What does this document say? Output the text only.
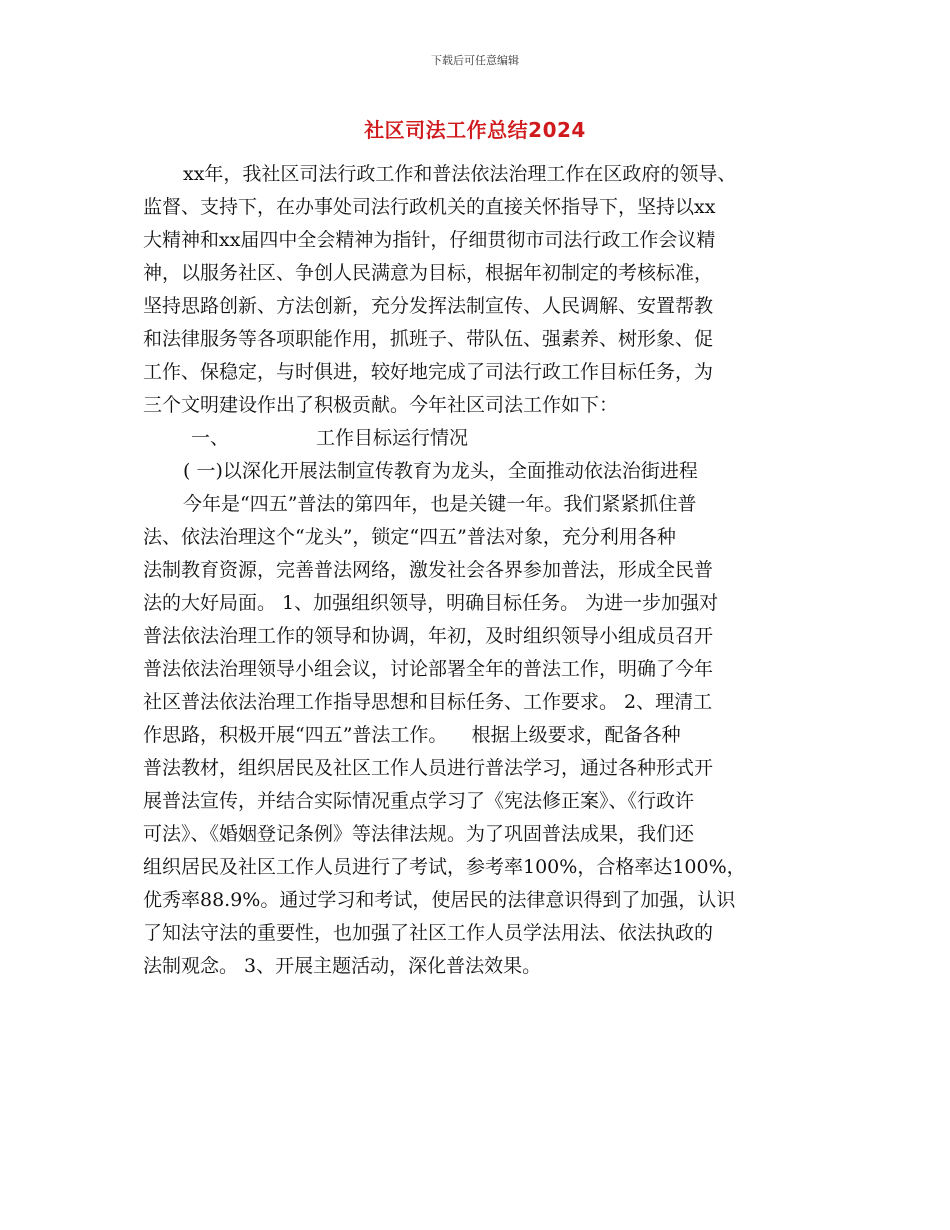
下载后可任意编辑
社区司法工作总结2024
xx年，我社区司法行政工作和普法依法治理工作在区政府的领导、
监督、支持下，在办事处司法行政机关的直接关怀指导下，坚持以xx
大精神和xx届四中全会精神为指针，仔细贯彻市司法行政工作会议精
神，以服务社区、争创人民满意为目标，根据年初制定的考核标准，
坚持思路创新、方法创新，充分发挥法制宣传、人民调解、安置帮教
和法律服务等各项职能作用，抓班子、带队伍、强素养、树形象、促
工作、保稳定，与时俱进，较好地完成了司法行政工作目标任务，为
三个文明建设作出了积极贡献。今年社区司法工作如下：
一、	工作目标运行情况
( 一)以深化开展法制宣传教育为龙头，全面推动依法治街进程
今年是“四五”普法的第四年，也是关键一年。我们紧紧抓住普
法、依法治理这个“龙头”，锁定“四五”普法对象，充分利用各种
法制教育资源，完善普法网络，激发社会各界参加普法，形成全民普
法的大好局面。 1、加强组织领导，明确目标任务。 为进一步加强对
普法依法治理工作的领导和协调，年初，及时组织领导小组成员召开
普法依法治理领导小组会议，讨论部署全年的普法工作，明确了今年
社区普法依法治理工作指导思想和目标任务、工作要求。 2、理清工
作思路，积极开展“四五”普法工作。    根据上级要求，配备各种
普法教材，组织居民及社区工作人员进行普法学习，通过各种形式开
展普法宣传，并结合实际情况重点学习了《宪法修正案》、《行政许
可法》、《婚姻登记条例》等法律法规。为了巩固普法成果，我们还
组织居民及社区工作人员进行了考试，参考率100%，合格率达100%，
优秀率88.9%。通过学习和考试，使居民的法律意识得到了加强，认识
了知法守法的重要性，也加强了社区工作人员学法用法、依法执政的
法制观念。 3、开展主题活动，深化普法效果。
